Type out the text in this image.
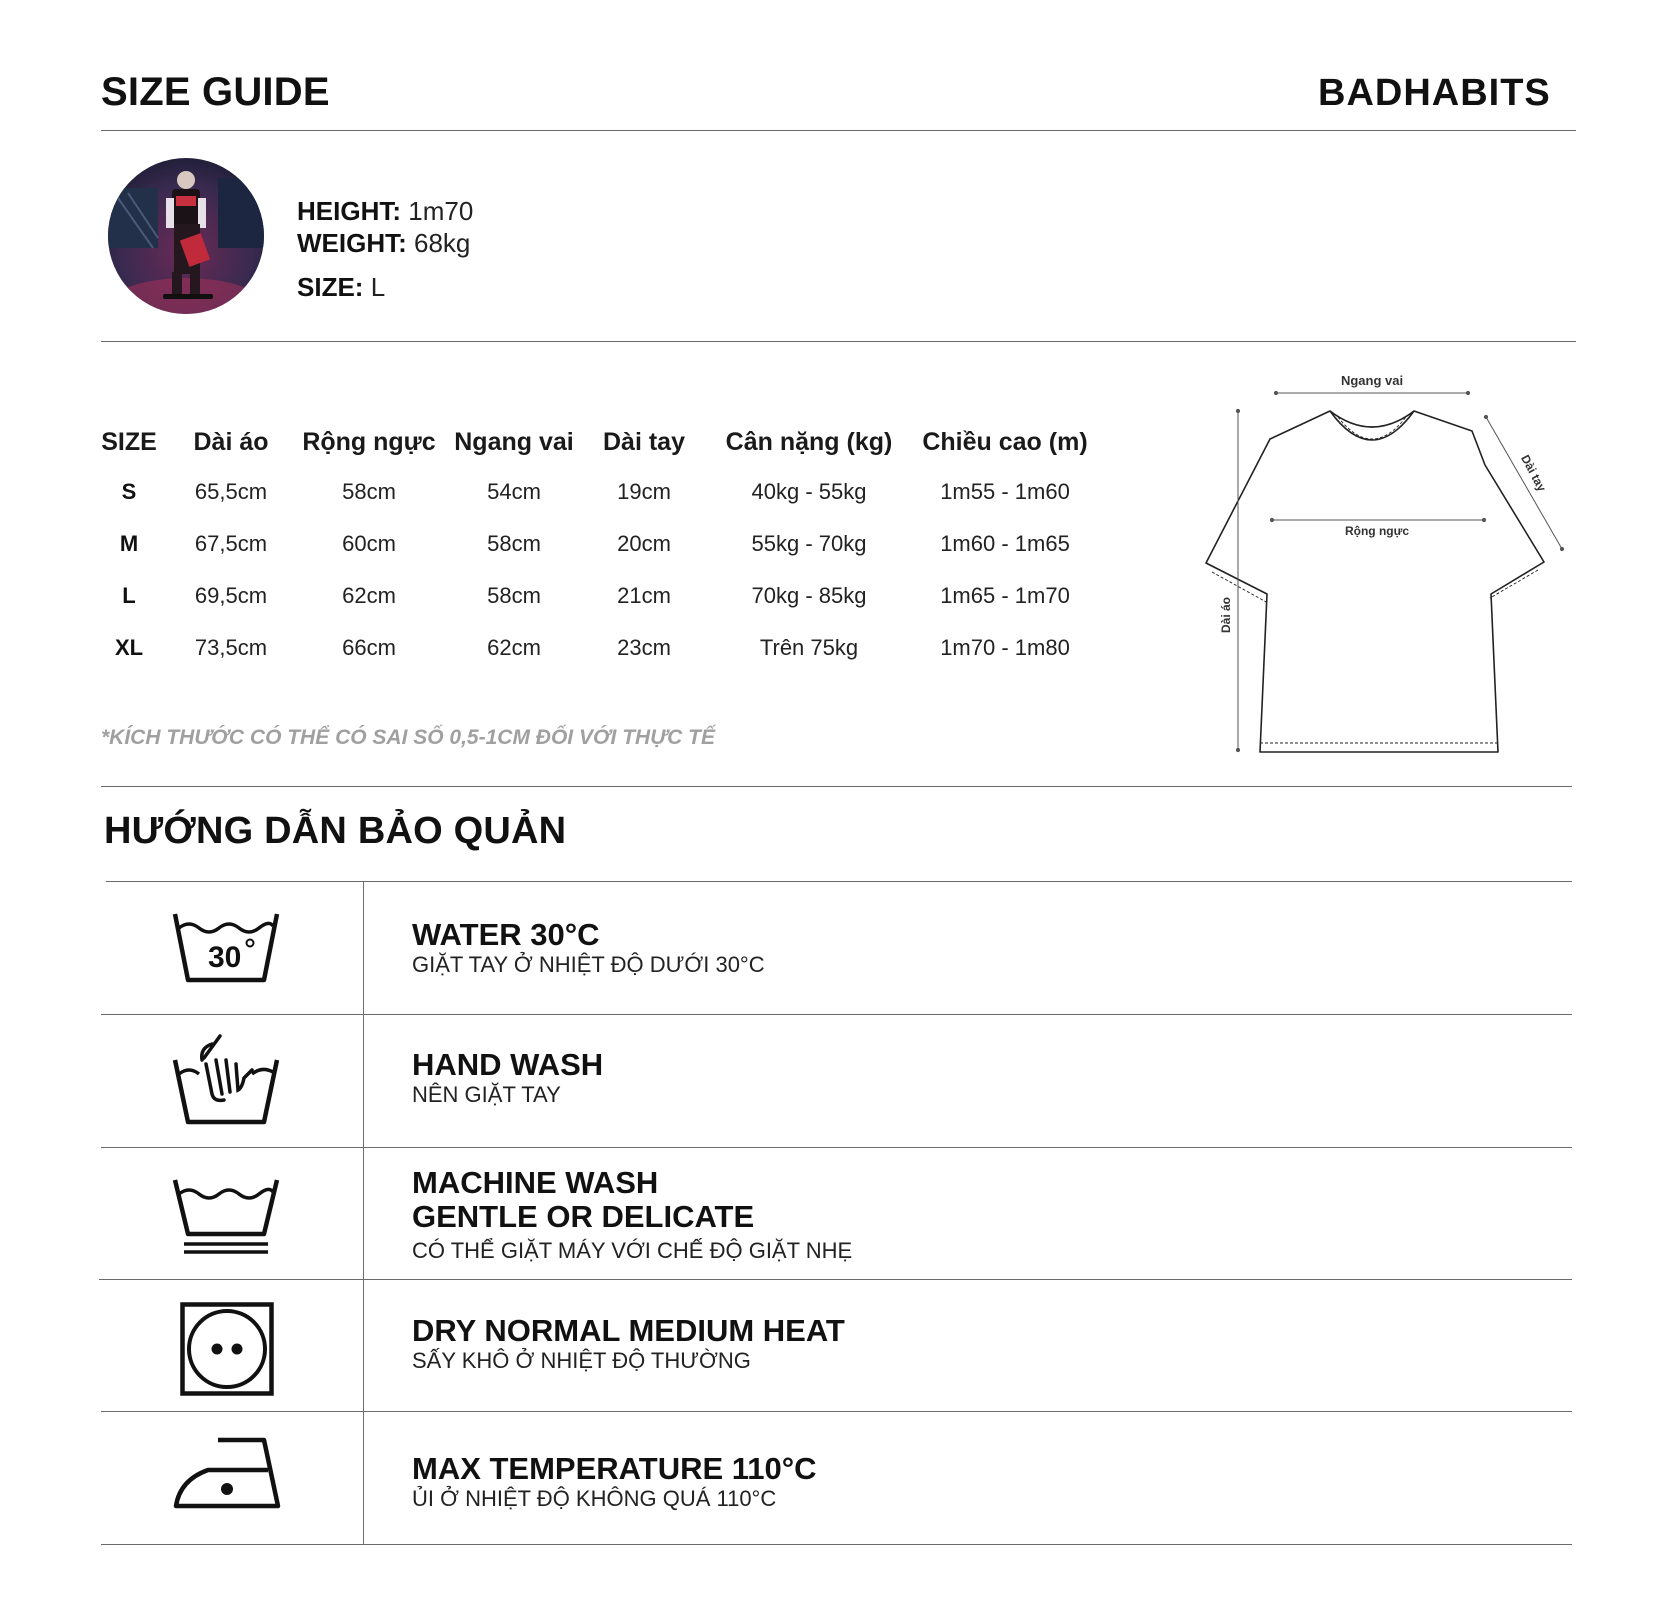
SIZE GUIDE	BADHABITS
HEIGHT: 1m70
WEIGHT: 68kg
SIZE: L
SIZE	Dài áo	Rộng ngực	Ngang vai	Dài tay	Cân nặng (kg)	Chiều cao (m)
S	65,5cm	58cm	54cm	19cm	40kg - 55kg	1m55 - 1m60
M	67,5cm	60cm	58cm	20cm	55kg - 70kg	1m60 - 1m65
L	69,5cm	62cm	58cm	21cm	70kg - 85kg	1m65 - 1m70
XL	73,5cm	66cm	62cm	23cm	Trên 75kg	1m70 - 1m80
*KÍCH THƯỚC CÓ THỂ CÓ SAI SỐ 0,5-1CM ĐỐI VỚI THỰC TẾ
Ngang vai
Dài tay
Rộng ngực
Dài áo
HƯỚNG DẪN BẢO QUẢN
30
WATER 30°C
GIẶT TAY Ở NHIỆT ĐỘ DƯỚI 30°C
HAND WASH
NÊN GIẶT TAY
MACHINE WASH
GENTLE OR DELICATE
CÓ THỂ GIẶT MÁY VỚI CHẾ ĐỘ GIẶT NHẸ
DRY NORMAL MEDIUM HEAT
SẤY KHÔ Ở NHIỆT ĐỘ THƯỜNG
MAX TEMPERATURE 110°C
ỦI Ở NHIỆT ĐỘ KHÔNG QUÁ 110°C
